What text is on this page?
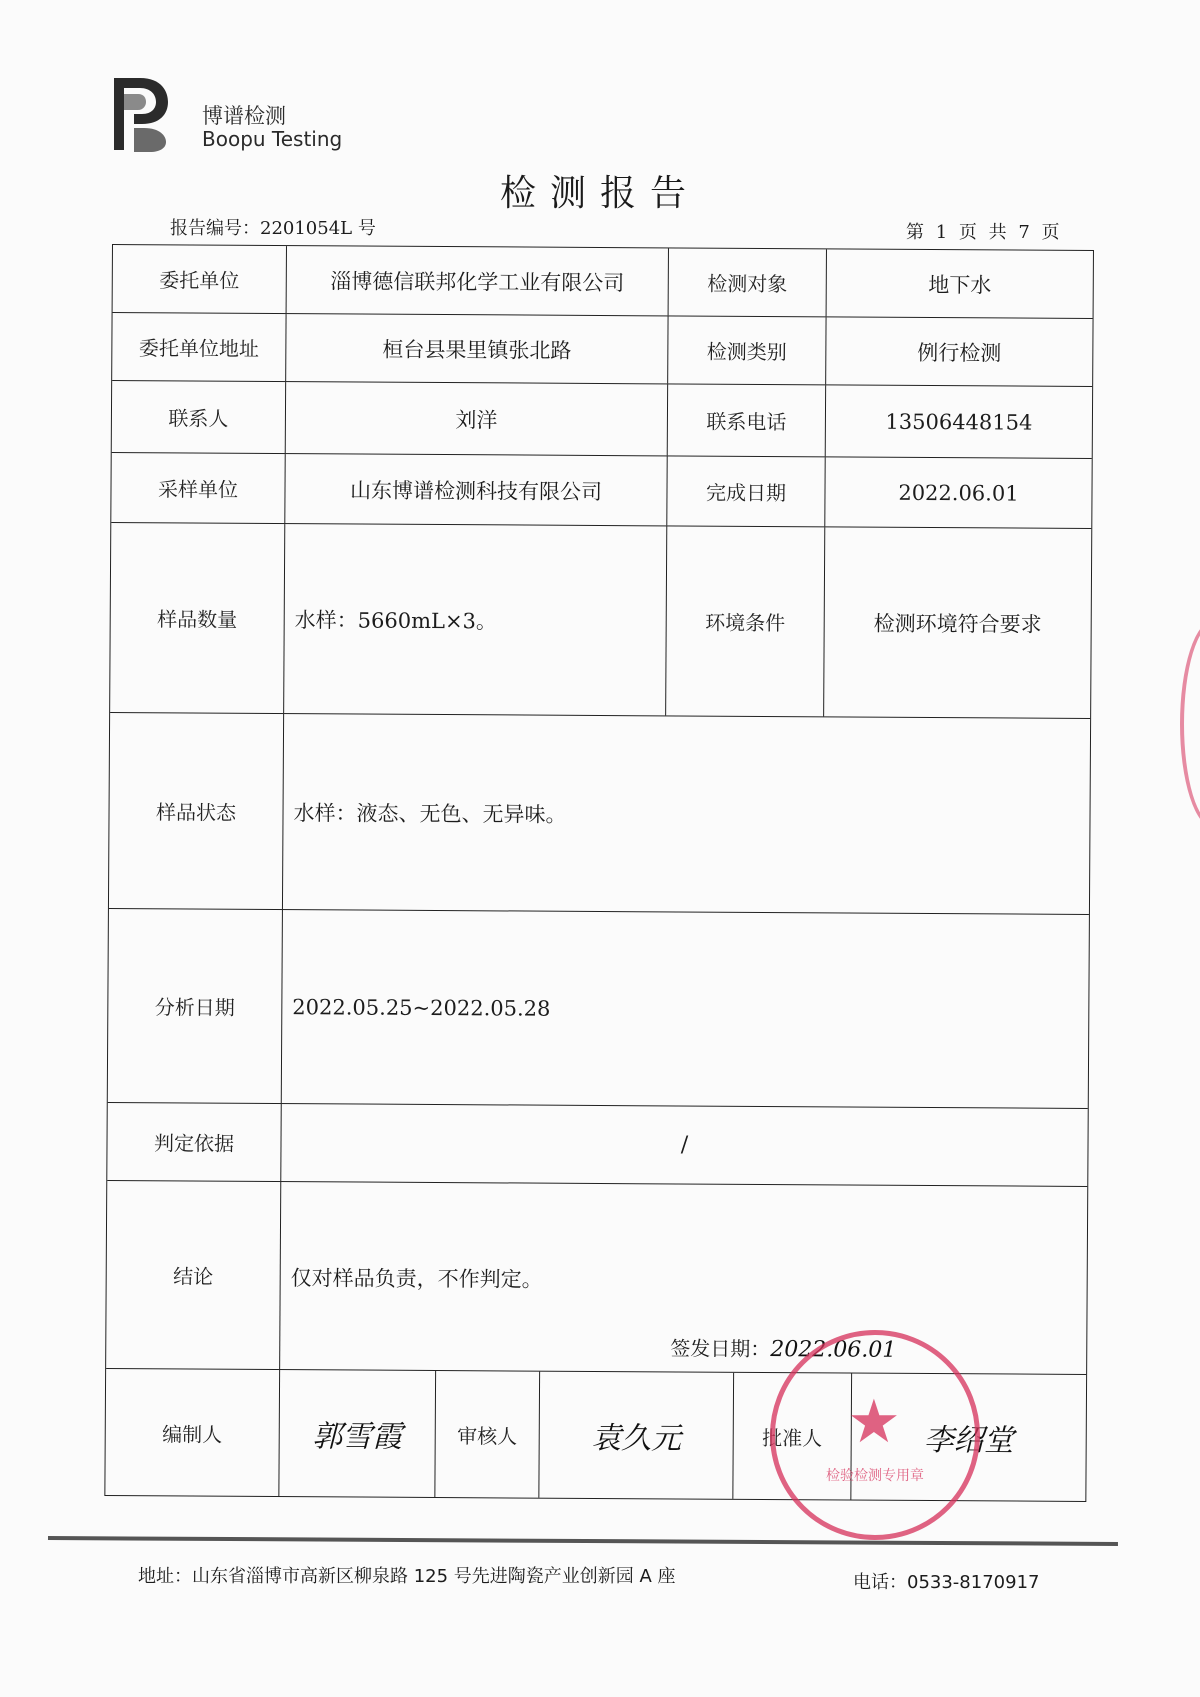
博谱检测
Boopu Testing
检测报告
报告编号：2201054L 号	第 1 页 共 7 页
委托单位	淄博德信联邦化学工业有限公司	检测对象	地下水
委托单位地址	桓台县果里镇张北路	检测类别	例行检测
联系人	刘洋	联系电话	13506448154
采样单位	山东博谱检测科技有限公司	完成日期	2022.06.01
样品数量	水样：5660mL×3。	环境条件	检测环境符合要求
样品状态	水样：液态、无色、无异味。
分析日期	2022.05.25~2022.05.28
判定依据	/
结论	仅对样品负责，不作判定。
签发日期：2022.06.01
编制人	郭雪霞	审核人	袁久元	批准人	李绍堂
★
检验检测专用章
地址：山东省淄博市高新区柳泉路 125 号先进陶瓷产业创新园 A 座	电话：0533-8170917
